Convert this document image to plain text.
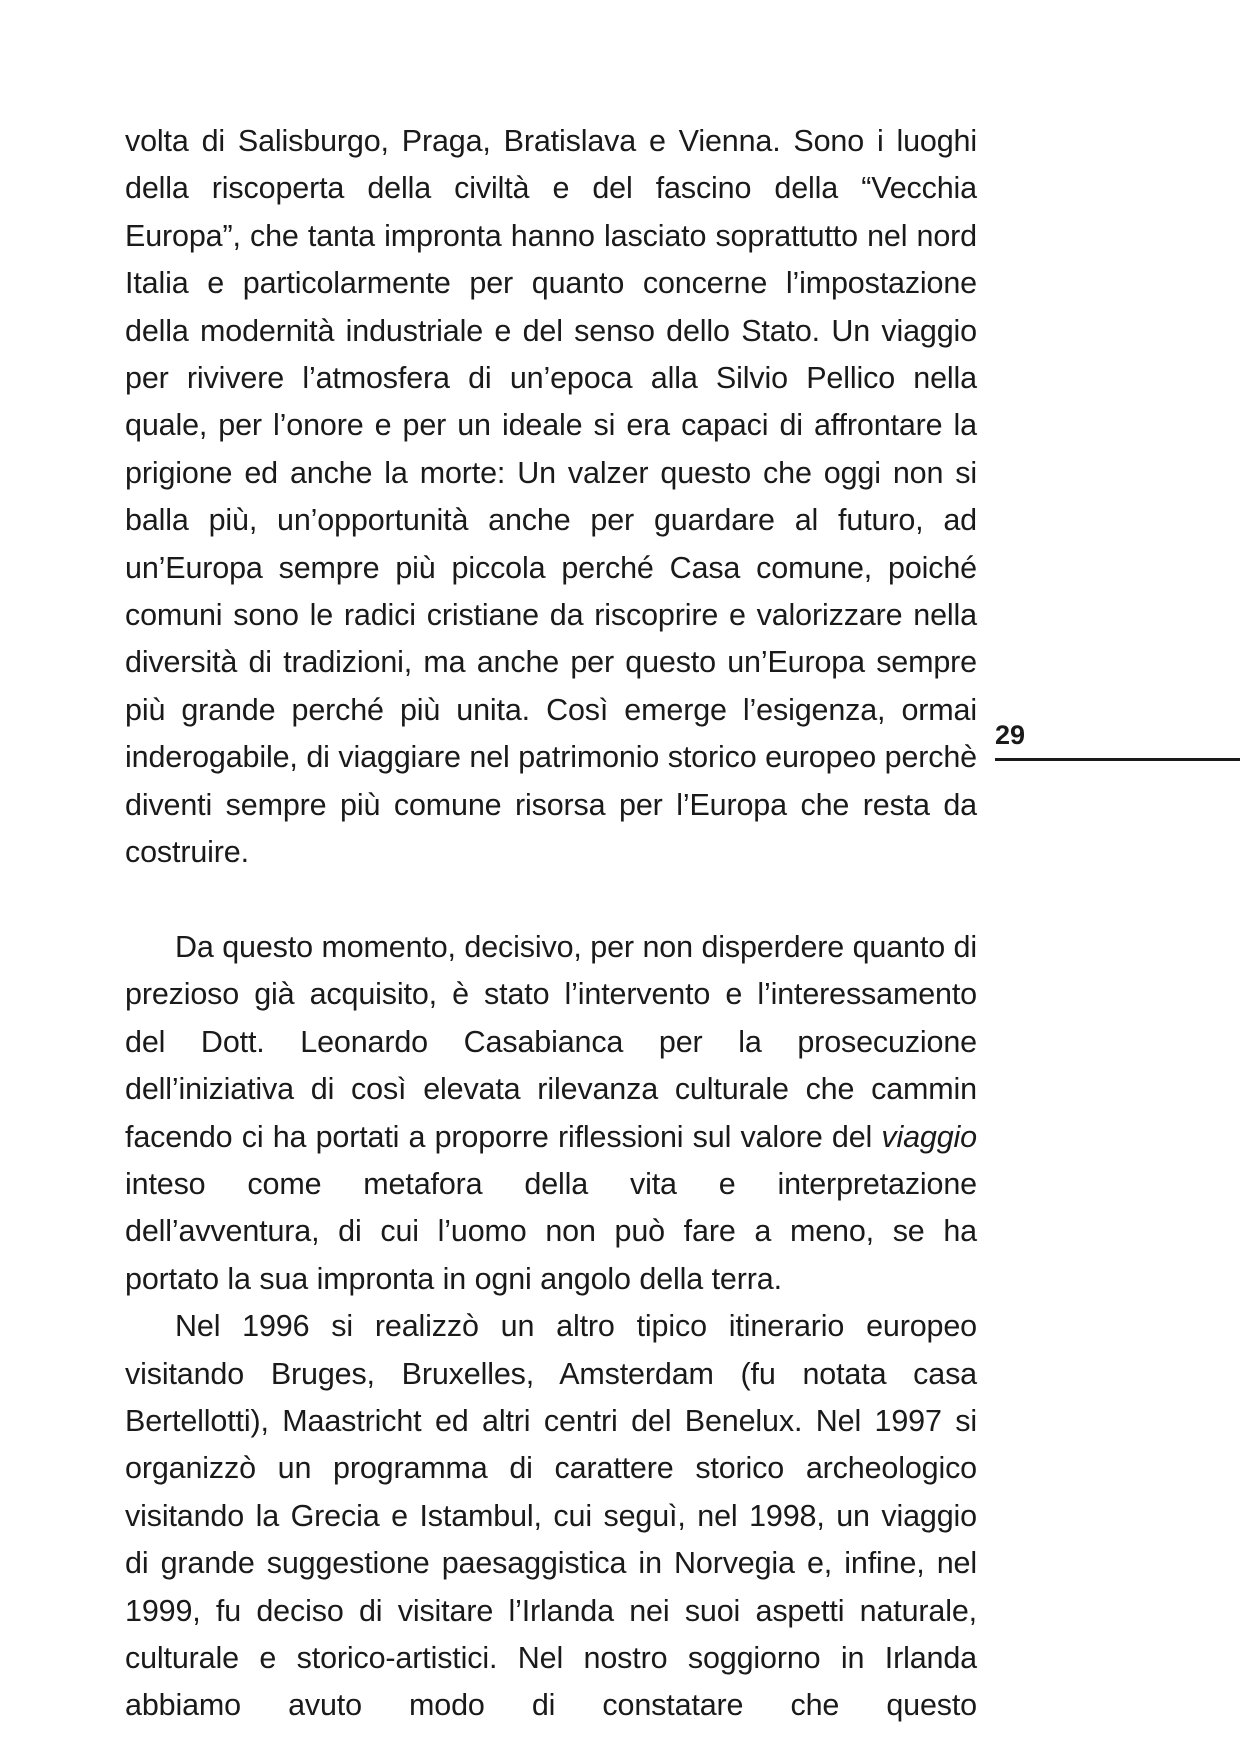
volta di Salisburgo, Praga, Bratislava e Vienna. Sono i luoghi della riscoperta della civiltà e del fascino della “Vecchia Europa”, che tanta impronta hanno lasciato soprattutto nel nord Italia e particolarmente per quanto concerne l’impostazione della modernità industriale e del senso dello Stato. Un viaggio per rivivere l’atmosfera di un’epoca alla Silvio Pellico nella quale, per l’onore e per un ideale si era capaci di affrontare la prigione ed anche la morte: Un valzer questo che oggi non si balla più, un’opportunità anche per guardare al futuro, ad un’Europa sempre più piccola perché Casa comune, poiché comuni sono le radici cristiane da riscoprire e valorizzare nella diversità di tradizioni, ma anche per questo un’Europa sempre più grande perché più unita. Così emerge l’esigenza, ormai inderogabile, di viaggiare nel patrimonio storico europeo perchè diventi sempre più comune risorsa per l’Europa che resta da costruire.

Da questo momento, decisivo, per non disperdere quanto di prezioso già acquisito, è stato l’intervento e l’interessamento del Dott. Leonardo Casabianca per la prosecuzione dell’iniziativa di così elevata rilevanza culturale che cammin facendo ci ha portati a proporre riflessioni sul valore del viaggio inteso come metafora della vita e interpretazione dell’avventura, di cui l’uomo non può fare a meno, se ha portato la sua impronta in ogni angolo della terra.

Nel 1996 si realizzò un altro tipico itinerario europeo visitando Bruges, Bruxelles, Amsterdam (fu notata casa Bertellotti), Maastricht ed altri centri del Benelux. Nel 1997 si organizzò un programma di carattere storico archeologico visitando la Grecia e Istambul, cui seguì, nel 1998, un viaggio di grande suggestione paesaggistica in Norvegia e, infine, nel 1999, fu deciso di visitare l’Irlanda nei suoi aspetti naturale, culturale e storico-artistici. Nel nostro soggiorno in Irlanda abbiamo avuto modo di constatare che questo

29
